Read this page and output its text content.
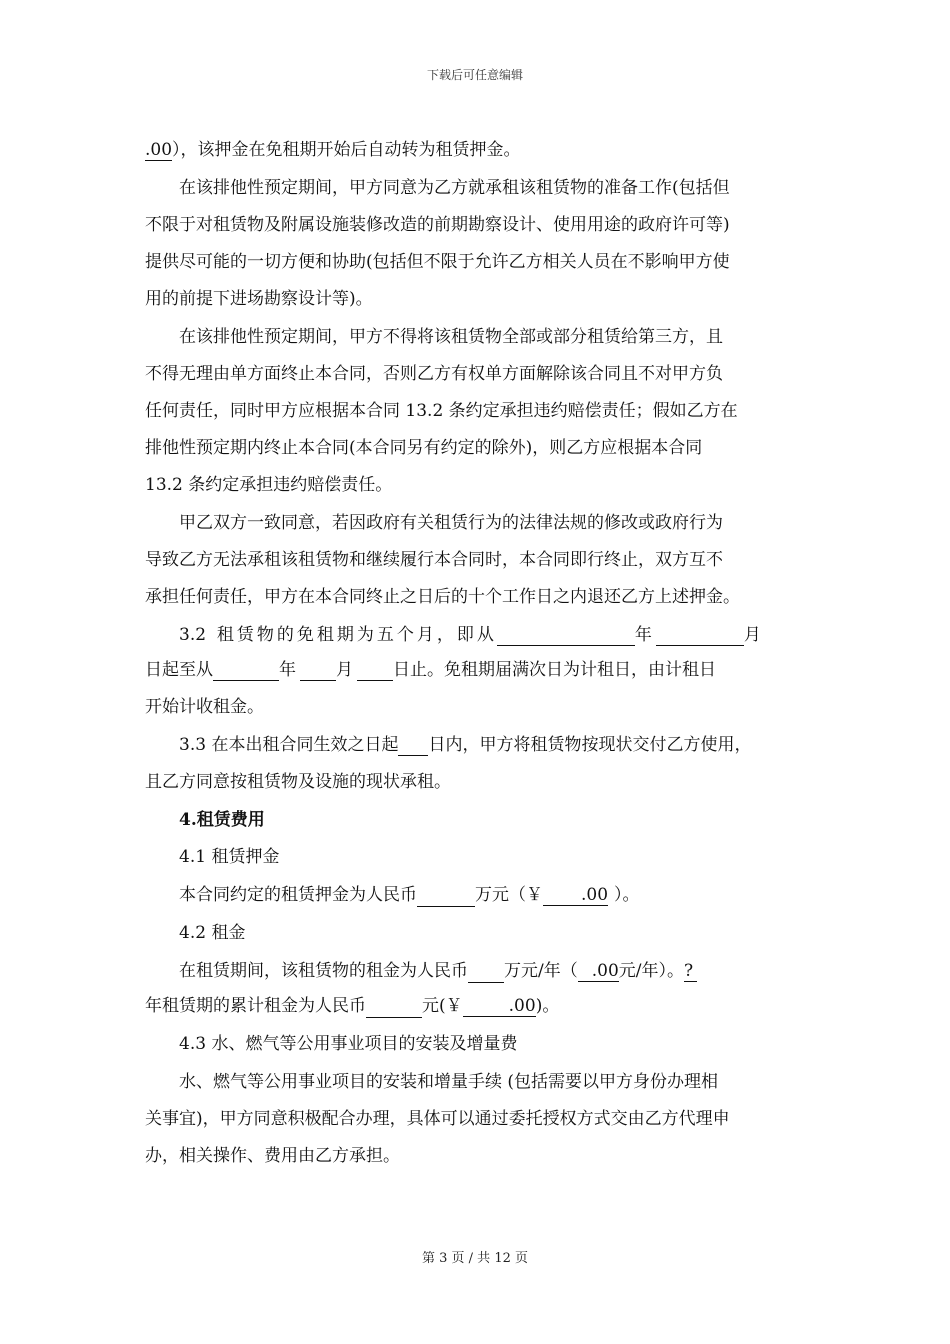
下载后可任意编辑
.00），该押金在免租期开始后自动转为租赁押金。
在该排他性预定期间，甲方同意为乙方就承租该租赁物的准备工作(包括但
不限于对租赁物及附属设施装修改造的前期勘察设计、使用用途的政府许可等)
提供尽可能的一切方便和协助(包括但不限于允许乙方相关人员在不影响甲方使
用的前提下进场勘察设计等)。
在该排他性预定期间，甲方不得将该租赁物全部或部分租赁给第三方，且
不得无理由单方面终止本合同，否则乙方有权单方面解除该合同且不对甲方负
任何责任，同时甲方应根据本合同 13.2 条约定承担违约赔偿责任；假如乙方在
排他性预定期内终止本合同(本合同另有约定的除外)，则乙方应根据本合同
13.2 条约定承担违约赔偿责任。
甲乙双方一致同意，若因政府有关租赁行为的法律法规的修改或政府行为
导致乙方无法承租该租赁物和继续履行本合同时，本合同即行终止，双方互不
承担任何责任，甲方在本合同终止之日后的十个工作日之内退还乙方上述押金。
3.2 租赁物的免租期为五个月，即从	年	月
日起至从	年 月 日止。免租期届满次日为计租日，由计租日
开始计收租金。
3.3 在本出租合同生效之日起 日内，甲方将租赁物按现状交付乙方使用，
且乙方同意按租赁物及设施的现状承租。
4.租赁费用
4.1 租赁押金
本合同约定的租赁押金为人民币	万元（￥ .00 ）。
4.2 租金
在租赁期间，该租赁物的租金为人民币 万元/年（ .00元/年）。?
年租赁期的累计租金为人民币	元(￥	.00)。
4.3 水、燃气等公用事业项目的安装及增量费
水、燃气等公用事业项目的安装和增量手续 (包括需要以甲方身份办理相
关事宜)，甲方同意积极配合办理，具体可以通过委托授权方式交由乙方代理申
办，相关操作、费用由乙方承担。
第 3 页 / 共 12 页
